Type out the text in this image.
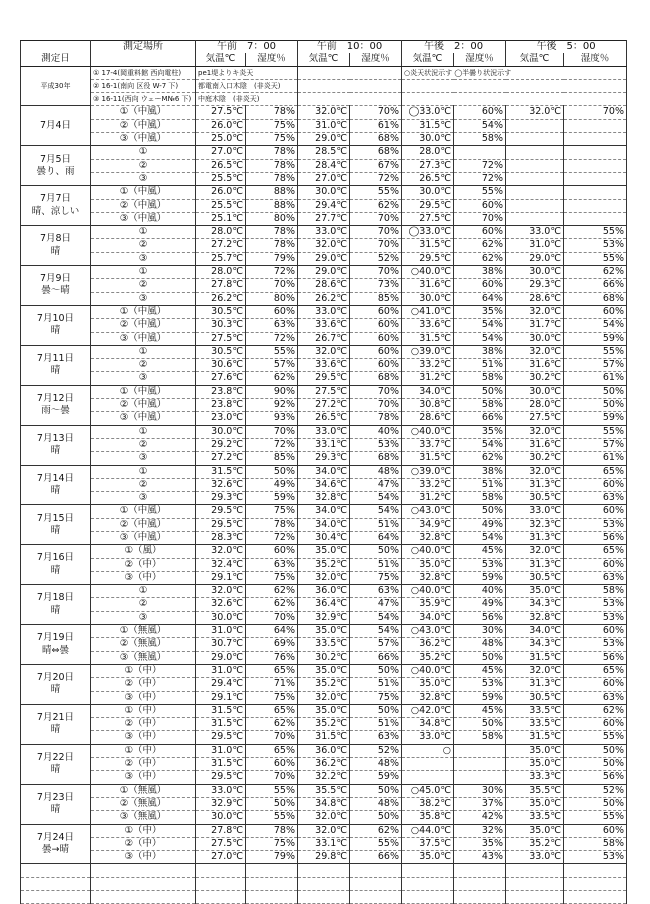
	測定場所	午前　7：00		午前　10：00		午後　2：00		午後　5：00	
測定日		気温℃	湿度％	気温℃	湿度％	気温℃	湿度％	気温℃	湿度％
平成30年	① 17-4(岡重料館 西向電柱)	pe1堤よりキ炎天				○炎天状況示す ◯半曇り状況示す			
	② 16-1(南向 区役 W-7 下)	都電南入口木陰　(非炎天)							
	③ 16-11(西向 ウェーM№6 下)	中庭木陰　(非炎天)							

7月4日	①（中風）	27.5℃	78%	32.0℃	70%	◯33.0℃	60%	32.0℃	70%
	②（中風）	26.0℃	75%	31.0℃	61%	31.5℃	54%		
	③（中風）	25.0℃	75%	29.0℃	68%	30.0℃	58%		

7月5日
曇り、雨	①	27.0℃	78%	28.5℃	68%	28.0℃			
	②	26.5℃	78%	28.4℃	67%	27.3℃	72%		
	③	25.5℃	78%	27.0℃	72%	26.5℃	72%		

7月7日
晴、涼しい	①（中風）	26.0℃	88%	30.0℃	55%	30.0℃	55%		
	②（中風）	25.5℃	88%	29.4℃	62%	29.5℃	60%		
	③（中風）	25.1℃	80%	27.7℃	70%	27.5℃	70%		

7月8日
晴	①	28.0℃	78%	33.0℃	70%	◯33.0℃	60%	33.0℃	55%
	②	27.2℃	78%	32.0℃	70%	31.5℃	62%	31.0℃	53%
	③	25.7℃	79%	29.0℃	52%	29.5℃	62%	29.0℃	55%

7月9日
曇～晴	①	28.0℃	72%	29.0℃	70%	○40.0℃	38%	30.0℃	62%
	②	27.8℃	70%	28.6℃	73%	31.6℃	60%	29.3℃	66%
	③	26.2℃	80%	26.2℃	85%	30.0℃	64%	28.6℃	68%

7月10日
晴	①（中風）	30.5℃	60%	33.0℃	60%	○41.0℃	35%	32.0℃	60%
	②（中風）	30.3℃	63%	33.6℃	60%	33.6℃	54%	31.7℃	54%
	③（中風）	27.5℃	72%	26.7℃	60%	31.5℃	54%	30.0℃	59%

7月11日
晴	①	30.5℃	55%	32.0℃	60%	○39.0℃	38%	32.0℃	55%
	②	30.6℃	57%	33.6℃	60%	33.2℃	51%	31.6℃	57%
	③	27.6℃	62%	29.5℃	68%	31.2℃	58%	30.2℃	61%

7月12日
雨～曇	①（中風）	23.8℃	90%	27.5℃	70%	34.0℃	50%	30.0℃	50%
	②（中風）	23.8℃	92%	27.2℃	70%	30.8℃	58%	28.0℃	50%
	③（中風）	23.0℃	93%	26.5℃	78%	28.6℃	66%	27.5℃	59%

7月13日
晴	①	30.0℃	70%	33.0℃	40%	○40.0℃	35%	32.0℃	55%
	②	29.2℃	72%	33.1℃	53%	33.7℃	54%	31.6℃	57%
	③	27.2℃	85%	29.3℃	68%	31.5℃	62%	30.2℃	61%

7月14日
晴	①	31.5℃	50%	34.0℃	48%	○39.0℃	38%	32.0℃	65%
	②	32.6℃	49%	34.6℃	47%	33.2℃	51%	31.3℃	60%
	③	29.3℃	59%	32.8℃	54%	31.2℃	58%	30.5℃	63%

7月15日
晴	①（中風）	29.5℃	75%	34.0℃	54%	○43.0℃	50%	33.0℃	60%
	②（中風）	29.5℃	78%	34.0℃	51%	34.9℃	49%	32.3℃	53%
	③（中風）	28.3℃	72%	30.4℃	64%	32.8℃	54%	31.3℃	56%

7月16日
晴	①（風）	32.0℃	60%	35.0℃	50%	○40.0℃	45%	32.0℃	65%
	②（中）	32.4℃	63%	35.2℃	51%	35.0℃	53%	31.3℃	60%
	③（中）	29.1℃	75%	32.0℃	75%	32.8℃	59%	30.5℃	63%

7月18日
晴	①	32.0℃	62%	36.0℃	63%	○40.0℃	40%	35.0℃	58%
	②	32.6℃	62%	36.4℃	47%	35.9℃	49%	34.3℃	53%
	③	30.0℃	70%	32.9℃	54%	34.0℃	56%	32.8℃	53%

7月19日
晴⇔曇	①（無風）	31.0℃	64%	35.0℃	54%	○43.0℃	30%	34.0℃	60%
	②（無風）	30.7℃	69%	33.5℃	57%	36.2℃	48%	34.3℃	53%
	③（無風）	29.0℃	76%	30.2℃	66%	35.2℃	50%	31.5℃	56%

7月20日
晴	①（中）	31.0℃	65%	35.0℃	50%	○40.0℃	45%	32.0℃	65%
	②（中）	29.4℃	71%	35.2℃	51%	35.0℃	53%	31.3℃	60%
	③（中）	29.1℃	75%	32.0℃	75%	32.8℃	59%	30.5℃	63%

7月21日
晴	①（中）	31.5℃	65%	35.0℃	50%	○42.0℃	45%	33.5℃	62%
	②（中）	31.5℃	62%	35.2℃	51%	34.8℃	50%	33.5℃	60%
	③（中）	29.5℃	70%	31.5℃	63%	33.0℃	58%	31.5℃	55%

7月22日
晴	①（中）	31.0℃	65%	36.0℃	52%	○		35.0℃	50%
	②（中）	31.5℃	60%	36.2℃	48%			35.0℃	50%
	③（中）	29.5℃	70%	32.2℃	59%			33.3℃	56%

7月23日
晴	①（無風）	33.0℃	55%	35.5℃	50%	○45.0℃	30%	35.5℃	52%
	②（無風）	32.9℃	50%	34.8℃	48%	38.2℃	37%	35.0℃	50%
	③（無風）	30.0℃	55%	32.0℃	50%	35.8℃	42%	33.5℃	55%

7月24日
曇→晴	①（中）	27.8℃	78%	32.0℃	62%	○44.0℃	32%	35.0℃	60%
	②（中）	27.5℃	75%	33.1℃	55%	37.5℃	35%	35.2℃	58%
	③（中）	27.0℃	79%	29.8℃	66%	35.0℃	43%	33.0℃	53%
